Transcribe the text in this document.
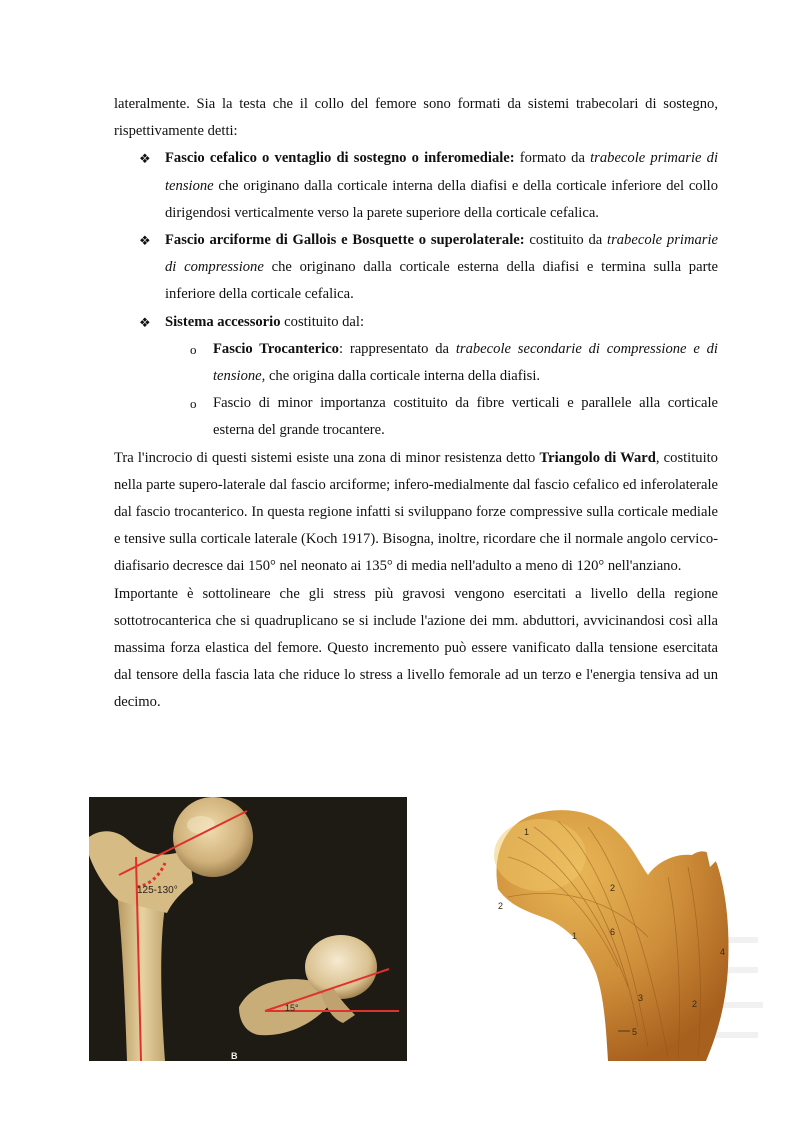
lateralmente. Sia la testa che il collo del femore sono formati da sistemi trabecolari di sostegno, rispettivamente detti:

❖ Fascio cefalico o ventaglio di sostegno o inferomediale: formato da trabecole primarie di tensione che originano dalla corticale interna della diafisi e della corticale inferiore del collo dirigendosi verticalmente verso la parete superiore della corticale cefalica.

❖ Fascio arciforme di Gallois e Bosquette o superolaterale: costituito da trabecole primarie di compressione che originano dalla corticale esterna della diafisi e termina sulla parte inferiore della corticale cefalica.

❖ Sistema accessorio costituito dal:

o Fascio Trocanterico: rappresentato da trabecole secondarie di compressione e di tensione, che origina dalla corticale interna della diafisi.

o Fascio di minor importanza costituito da fibre verticali e parallele alla corticale esterna del grande trocantere.

Tra l'incrocio di questi sistemi esiste una zona di minor resistenza detto Triangolo di Ward, costituito nella parte supero-laterale dal fascio arciforme; infero-medialmente dal fascio cefalico ed inferolaterale dal fascio trocanterico. In questa regione infatti si sviluppano forze compressive sulla corticale mediale e tensive sulla corticale laterale (Koch 1917). Bisogna, inoltre, ricordare che il normale angolo cervico-diafisario decresce dai 150° nel neonato ai 135° di media nell'adulto a meno di 120° nell'anziano.

Importante è sottolineare che gli stress più gravosi vengono esercitati a livello della regione sottotrocanterica che si quadruplicano se si include l'azione dei mm. abduttori, avvicinandosi così alla massima forza elastica del femore. Questo incremento può essere vanificato dalla tensione esercitata dal tensore della fascia lata che riduce lo stress a livello femorale ad un terzo e l'energia tensiva ad un decimo.

125-130°
15°
B
1
2
1
2
6
3
4
2
5
